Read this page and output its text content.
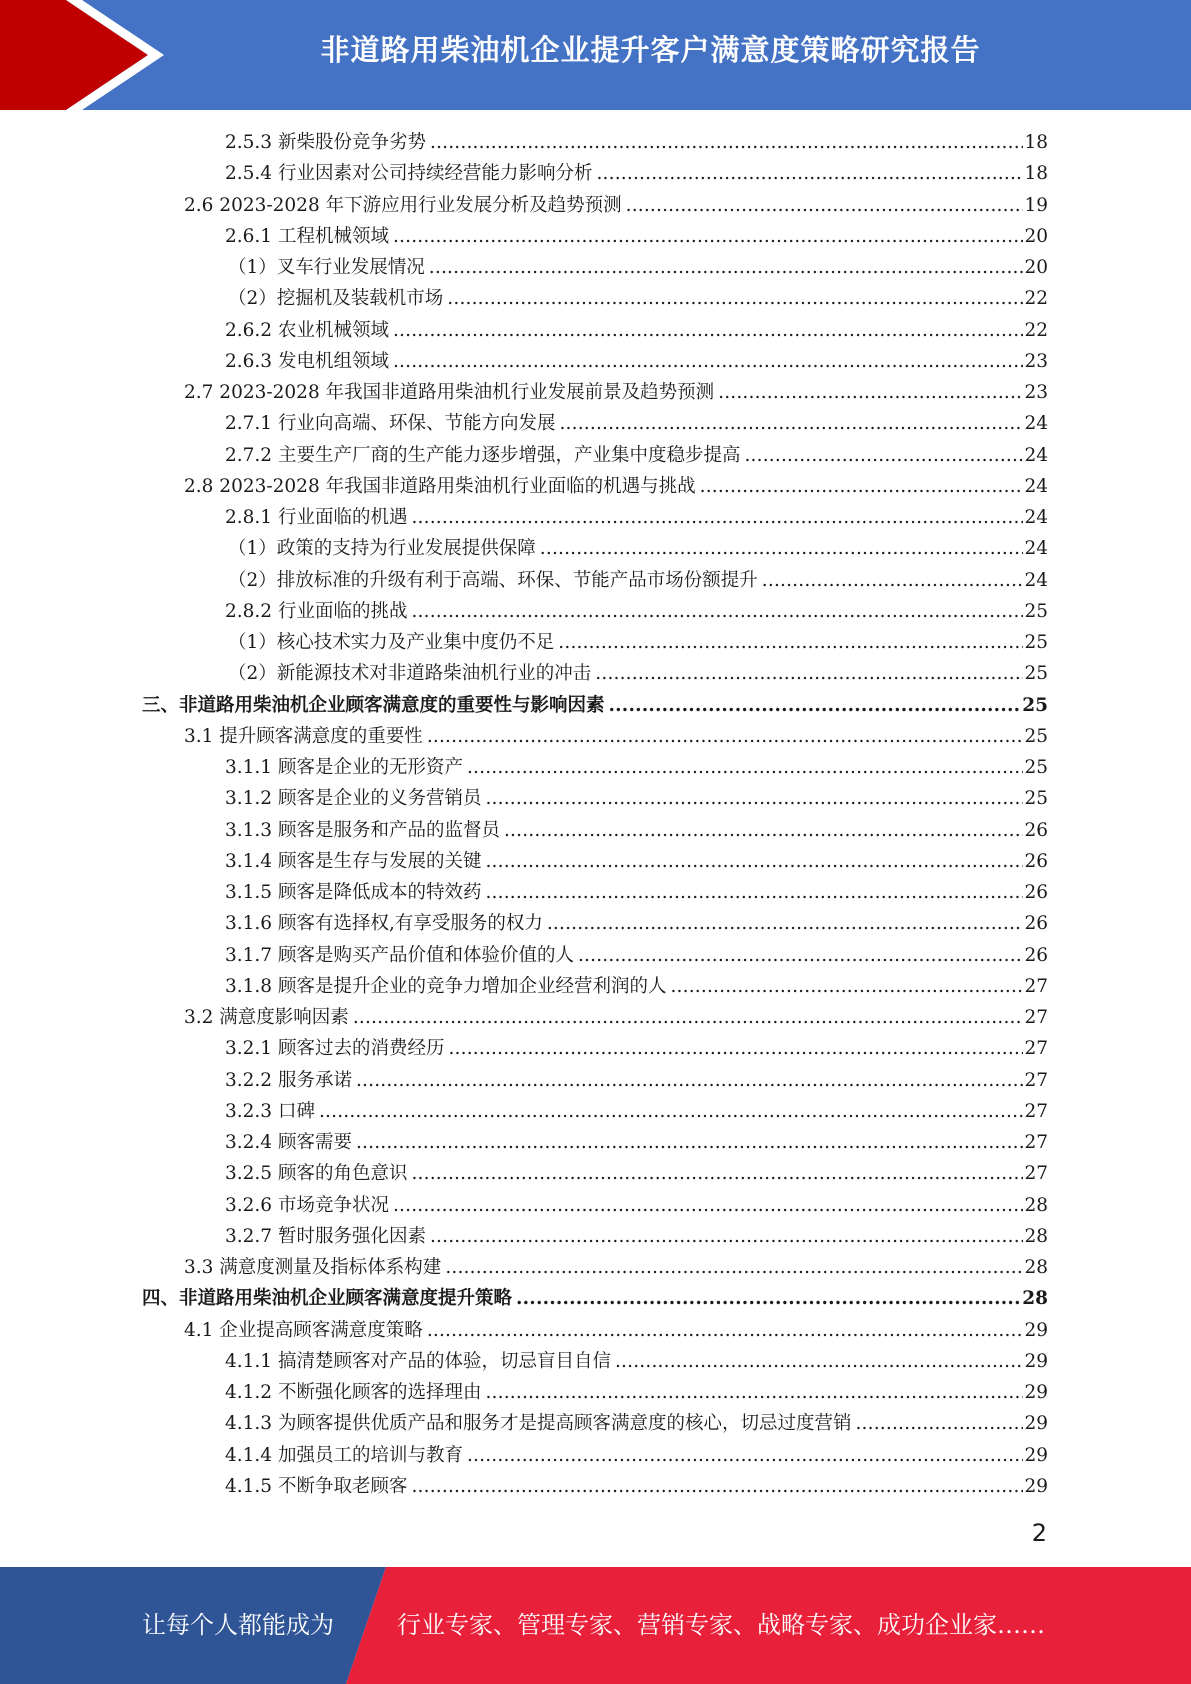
非道路用柴油机企业提升客户满意度策略研究报告
2.5.3 新柴股份竞争劣势 .....	18
2.5.4 行业因素对公司持续经营能力影响分析 .....	18
2.6 2023-2028 年下游应用行业发展分析及趋势预测 .....	19
2.6.1 工程机械领域 .....	20
（1）叉车行业发展情况 .....	20
（2）挖掘机及装载机市场 .....	22
2.6.2 农业机械领域 .....	22
2.6.3 发电机组领域 .....	23
2.7 2023-2028 年我国非道路用柴油机行业发展前景及趋势预测 .....	23
2.7.1 行业向高端、环保、节能方向发展 .....	24
2.7.2 主要生产厂商的生产能力逐步增强，产业集中度稳步提高 .....	24
2.8 2023-2028 年我国非道路用柴油机行业面临的机遇与挑战 .....	24
2.8.1 行业面临的机遇 .....	24
（1）政策的支持为行业发展提供保障 .....	24
（2）排放标准的升级有利于高端、环保、节能产品市场份额提升 .....	24
2.8.2 行业面临的挑战 .....	25
（1）核心技术实力及产业集中度仍不足 .....	25
（2）新能源技术对非道路柴油机行业的冲击 .....	25
三、非道路用柴油机企业顾客满意度的重要性与影响因素 .....	25
3.1 提升顾客满意度的重要性 .....	25
3.1.1 顾客是企业的无形资产 .....	25
3.1.2 顾客是企业的义务营销员 .....	25
3.1.3 顾客是服务和产品的监督员 .....	26
3.1.4 顾客是生存与发展的关键 .....	26
3.1.5 顾客是降低成本的特效药 .....	26
3.1.6 顾客有选择权,有享受服务的权力 .....	26
3.1.7 顾客是购买产品价值和体验价值的人 .....	26
3.1.8 顾客是提升企业的竞争力增加企业经营利润的人 .....	27
3.2 满意度影响因素 .....	27
3.2.1 顾客过去的消费经历 .....	27
3.2.2 服务承诺 .....	27
3.2.3 口碑 .....	27
3.2.4 顾客需要 .....	27
3.2.5 顾客的角色意识 .....	27
3.2.6 市场竞争状况 .....	28
3.2.7 暂时服务强化因素 .....	28
3.3 满意度测量及指标体系构建 .....	28
四、非道路用柴油机企业顾客满意度提升策略 .....	28
4.1 企业提高顾客满意度策略 .....	29
4.1.1 搞清楚顾客对产品的体验，切忌盲目自信 .....	29
4.1.2 不断强化顾客的选择理由 .....	29
4.1.3 为顾客提供优质产品和服务才是提高顾客满意度的核心，切忌过度营销 .....	29
4.1.4 加强员工的培训与教育 .....	29
4.1.5 不断争取老顾客 .....	29
2
让每个人都能成为	行业专家、管理专家、营销专家、战略专家、成功企业家……
